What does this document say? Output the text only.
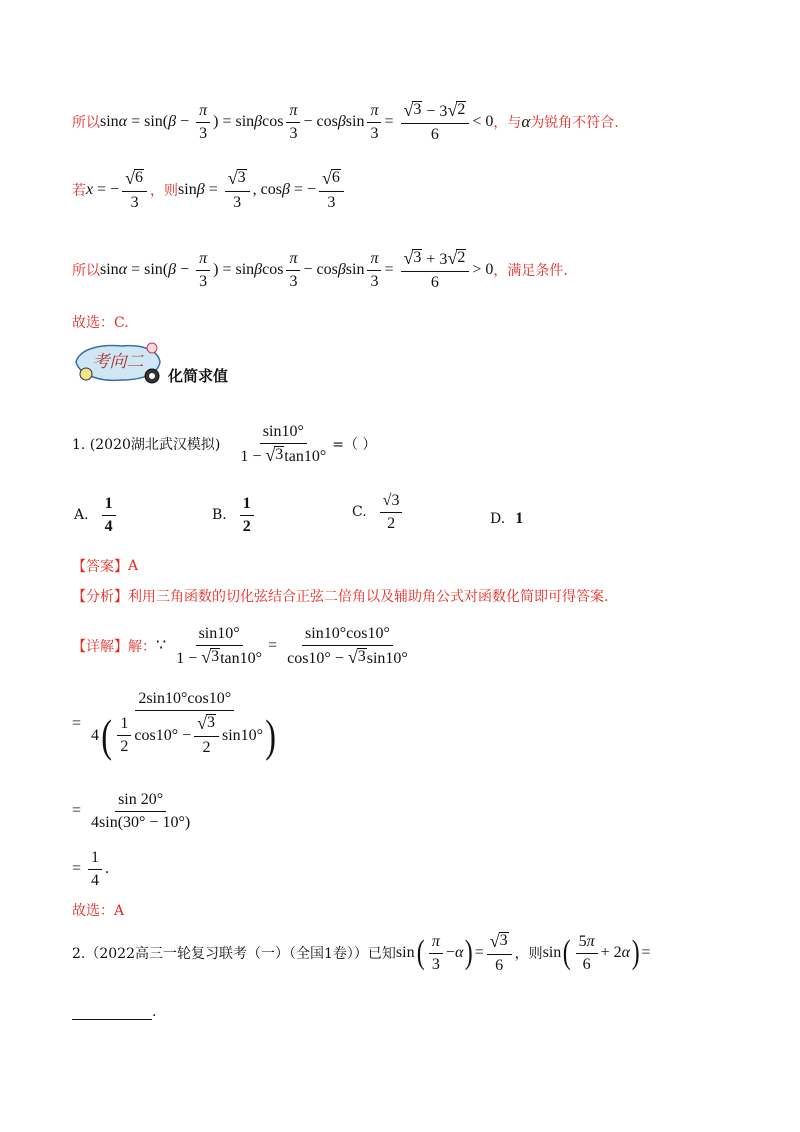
所以 $\sin\alpha = \sin(\beta - \frac{\pi}{3}$ ) = sinβcos $\frac{\pi}{3} - \cos\beta\sin \frac{\pi}{3} = \frac{√ 3 - 3 √ 2}{6} < 0$ ，与 α 为锐角不符合.
若 x = − $\frac{√ 6}{3}$ ，则 $\sin\beta = \frac{√ 3}{3}$ , cosβ = − $\frac{√ 6}{3}$
所以 $\sin\alpha = \sin(\beta - \frac{\pi}{3}$ ) = sinβcos $\frac{\pi}{3} - \cos\beta\sin \frac{\pi}{3} = \frac{√ 3 + 3 √ 2}{6} > 0$ ，满足条件.
故选：C.
考向二
化简求值
1. (2020湖北武汉模拟) $\frac{\sin 10^\circ}{1 - √ 3 \tan 10^\circ}$ =（ ）
A. $\frac{1}{4}$	B. $\frac{1}{2}$	C. $\frac{√3}{2}$	D. 1
【答案】 A
【分析】 利用三角函数的切化弦结合正弦二倍角以及辅助角公式对函数化简即可得答案.
【详解】 解： ∵ $\frac{\sin 10^\circ}{1 - √ 3 \tan 10^\circ} = \frac{\sin 10^\circ\cos 10^\circ}{\cos 10^\circ - √ 3 \sin 10^\circ}$
= $\frac{2\sin 10^\circ\cos 10^\circ}{4 ( \frac{1}{2} \cos 10^\circ - \frac{√ 3}{2} \sin 10^\circ )}$
= $\frac{\sin 20^\circ}{4\sin(30^\circ - 10^\circ)}$
= $\frac{1}{4}$ .
故选：A
2.（2022高三一轮复习联考（一）（全国1卷））已知 sin ( $\frac{\pi}{3} - \alpha$ ) = $\frac{√ 3}{6}$ ，则 sin ( $\frac{5\pi}{6} + 2$ α ) =
.
